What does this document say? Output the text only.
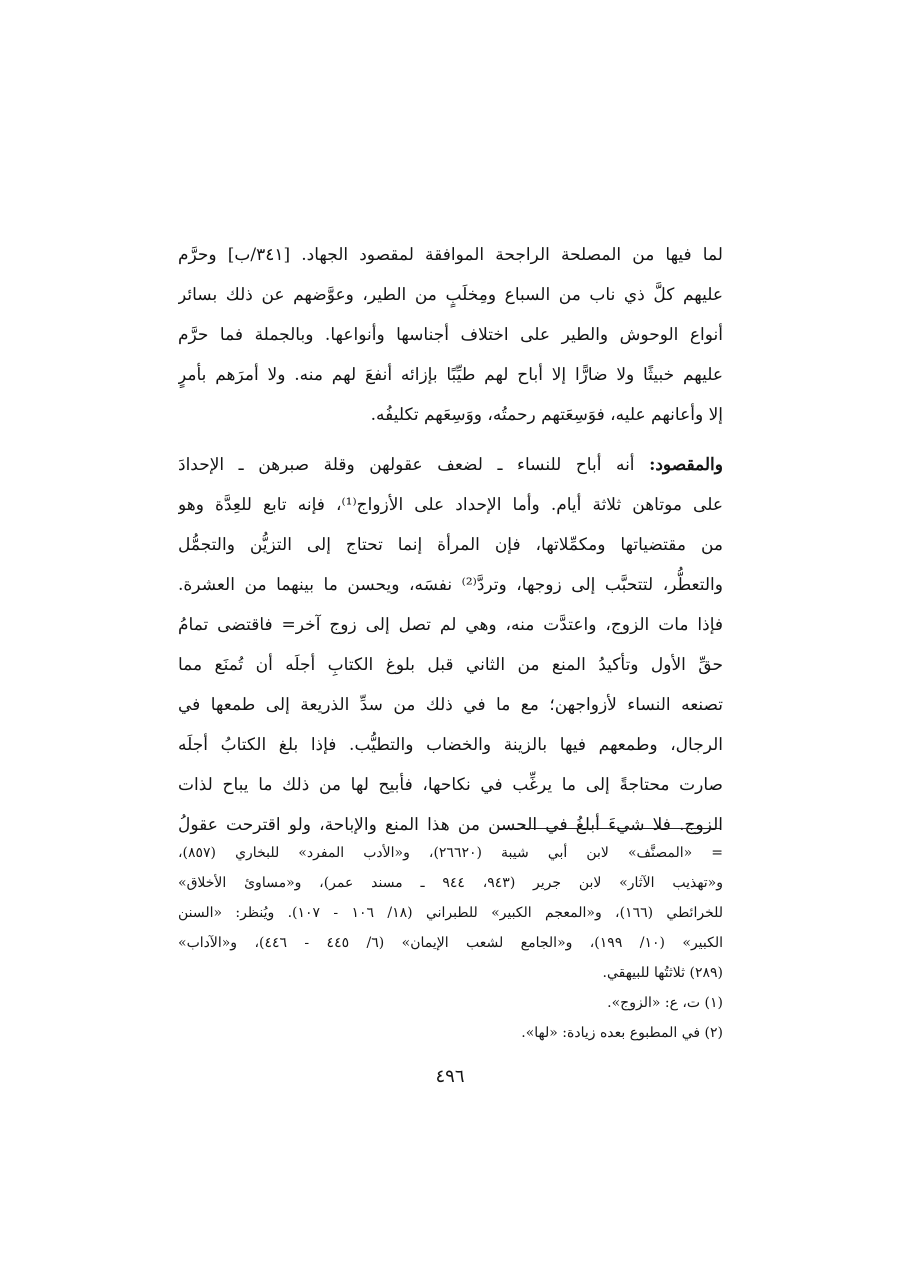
لما فيها من المصلحة الراجحة الموافقة لمقصود الجهاد. [٣٤١/ب] وحرَّم
عليهم كلَّ ذي ناب من السباع ومِخلَبٍ من الطير، وعوَّضهم عن ذلك بسائر
أنواع الوحوش والطير على اختلاف أجناسها وأنواعها. وبالجملة فما حرَّم
عليهم خبيثًا ولا ضارًّا إلا أباح لهم طيِّبًا بإزائه أنفعَ لهم منه. ولا أمرَهم بأمرٍ
إلا وأعانهم عليه، فوَسِعَتهم رحمتُه، ووَسِعَهم تكليفُه.
والمقصود: أنه أباح للنساء ـ لضعف عقولهن وقلة صبرهن ـ الإحدادَ
على موتاهن ثلاثة أيام. وأما الإحداد على الأزواج⁽¹⁾، فإنه تابع للعِدَّة وهو
من مقتضياتها ومكمِّلاتها، فإن المرأة إنما تحتاج إلى التزيُّن والتجمُّل
والتعطُّر، لتتحبَّب إلى زوجها، وتردَّ⁽²⁾ نفسَه، ويحسن ما بينهما من العشرة.
فإذا مات الزوج، واعتدَّت منه، وهي لم تصل إلى زوج آخر= فاقتضى تمامُ
حقِّ الأول وتأكيدُ المنع من الثاني قبل بلوغ الكتابِ أجلَه أن تُمنَع مما
تصنعه النساء لأزواجهن؛ مع ما في ذلك من سدِّ الذريعة إلى طمعها في
الرجال، وطمعهم فيها بالزينة والخضاب والتطيُّب. فإذا بلغ الكتابُ أجلَه
صارت محتاجةً إلى ما يرغِّب في نكاحها، فأبيح لها من ذلك ما يباح لذات
الزوج. فلا شيءَ أبلغُ في الحسن من هذا المنع والإباحة، ولو اقترحت عقولُ
= «المصنَّف» لابن أبي شيبة (٢٦٦٢٠)، و«الأدب المفرد» للبخاري (٨٥٧)،
و«تهذيب الآثار» لابن جرير (٩٤٣، ٩٤٤ ـ مسند عمر)، و«مساوئ الأخلاق»
للخرائطي (١٦٦)، و«المعجم الكبير» للطبراني (١٨/ ١٠٦ - ١٠٧). ويُنظر: «السنن
الكبير» (١٠/ ١٩٩)، و«الجامع لشعب الإيمان» (٦/ ٤٤٥ - ٤٤٦)، و«الآداب»
(٢٨٩) ثلاثتُها للبيهقي.
(١) ت، ع: «الزوج».
(٢) في المطبوع بعده زيادة: «لها».
٤٩٦
